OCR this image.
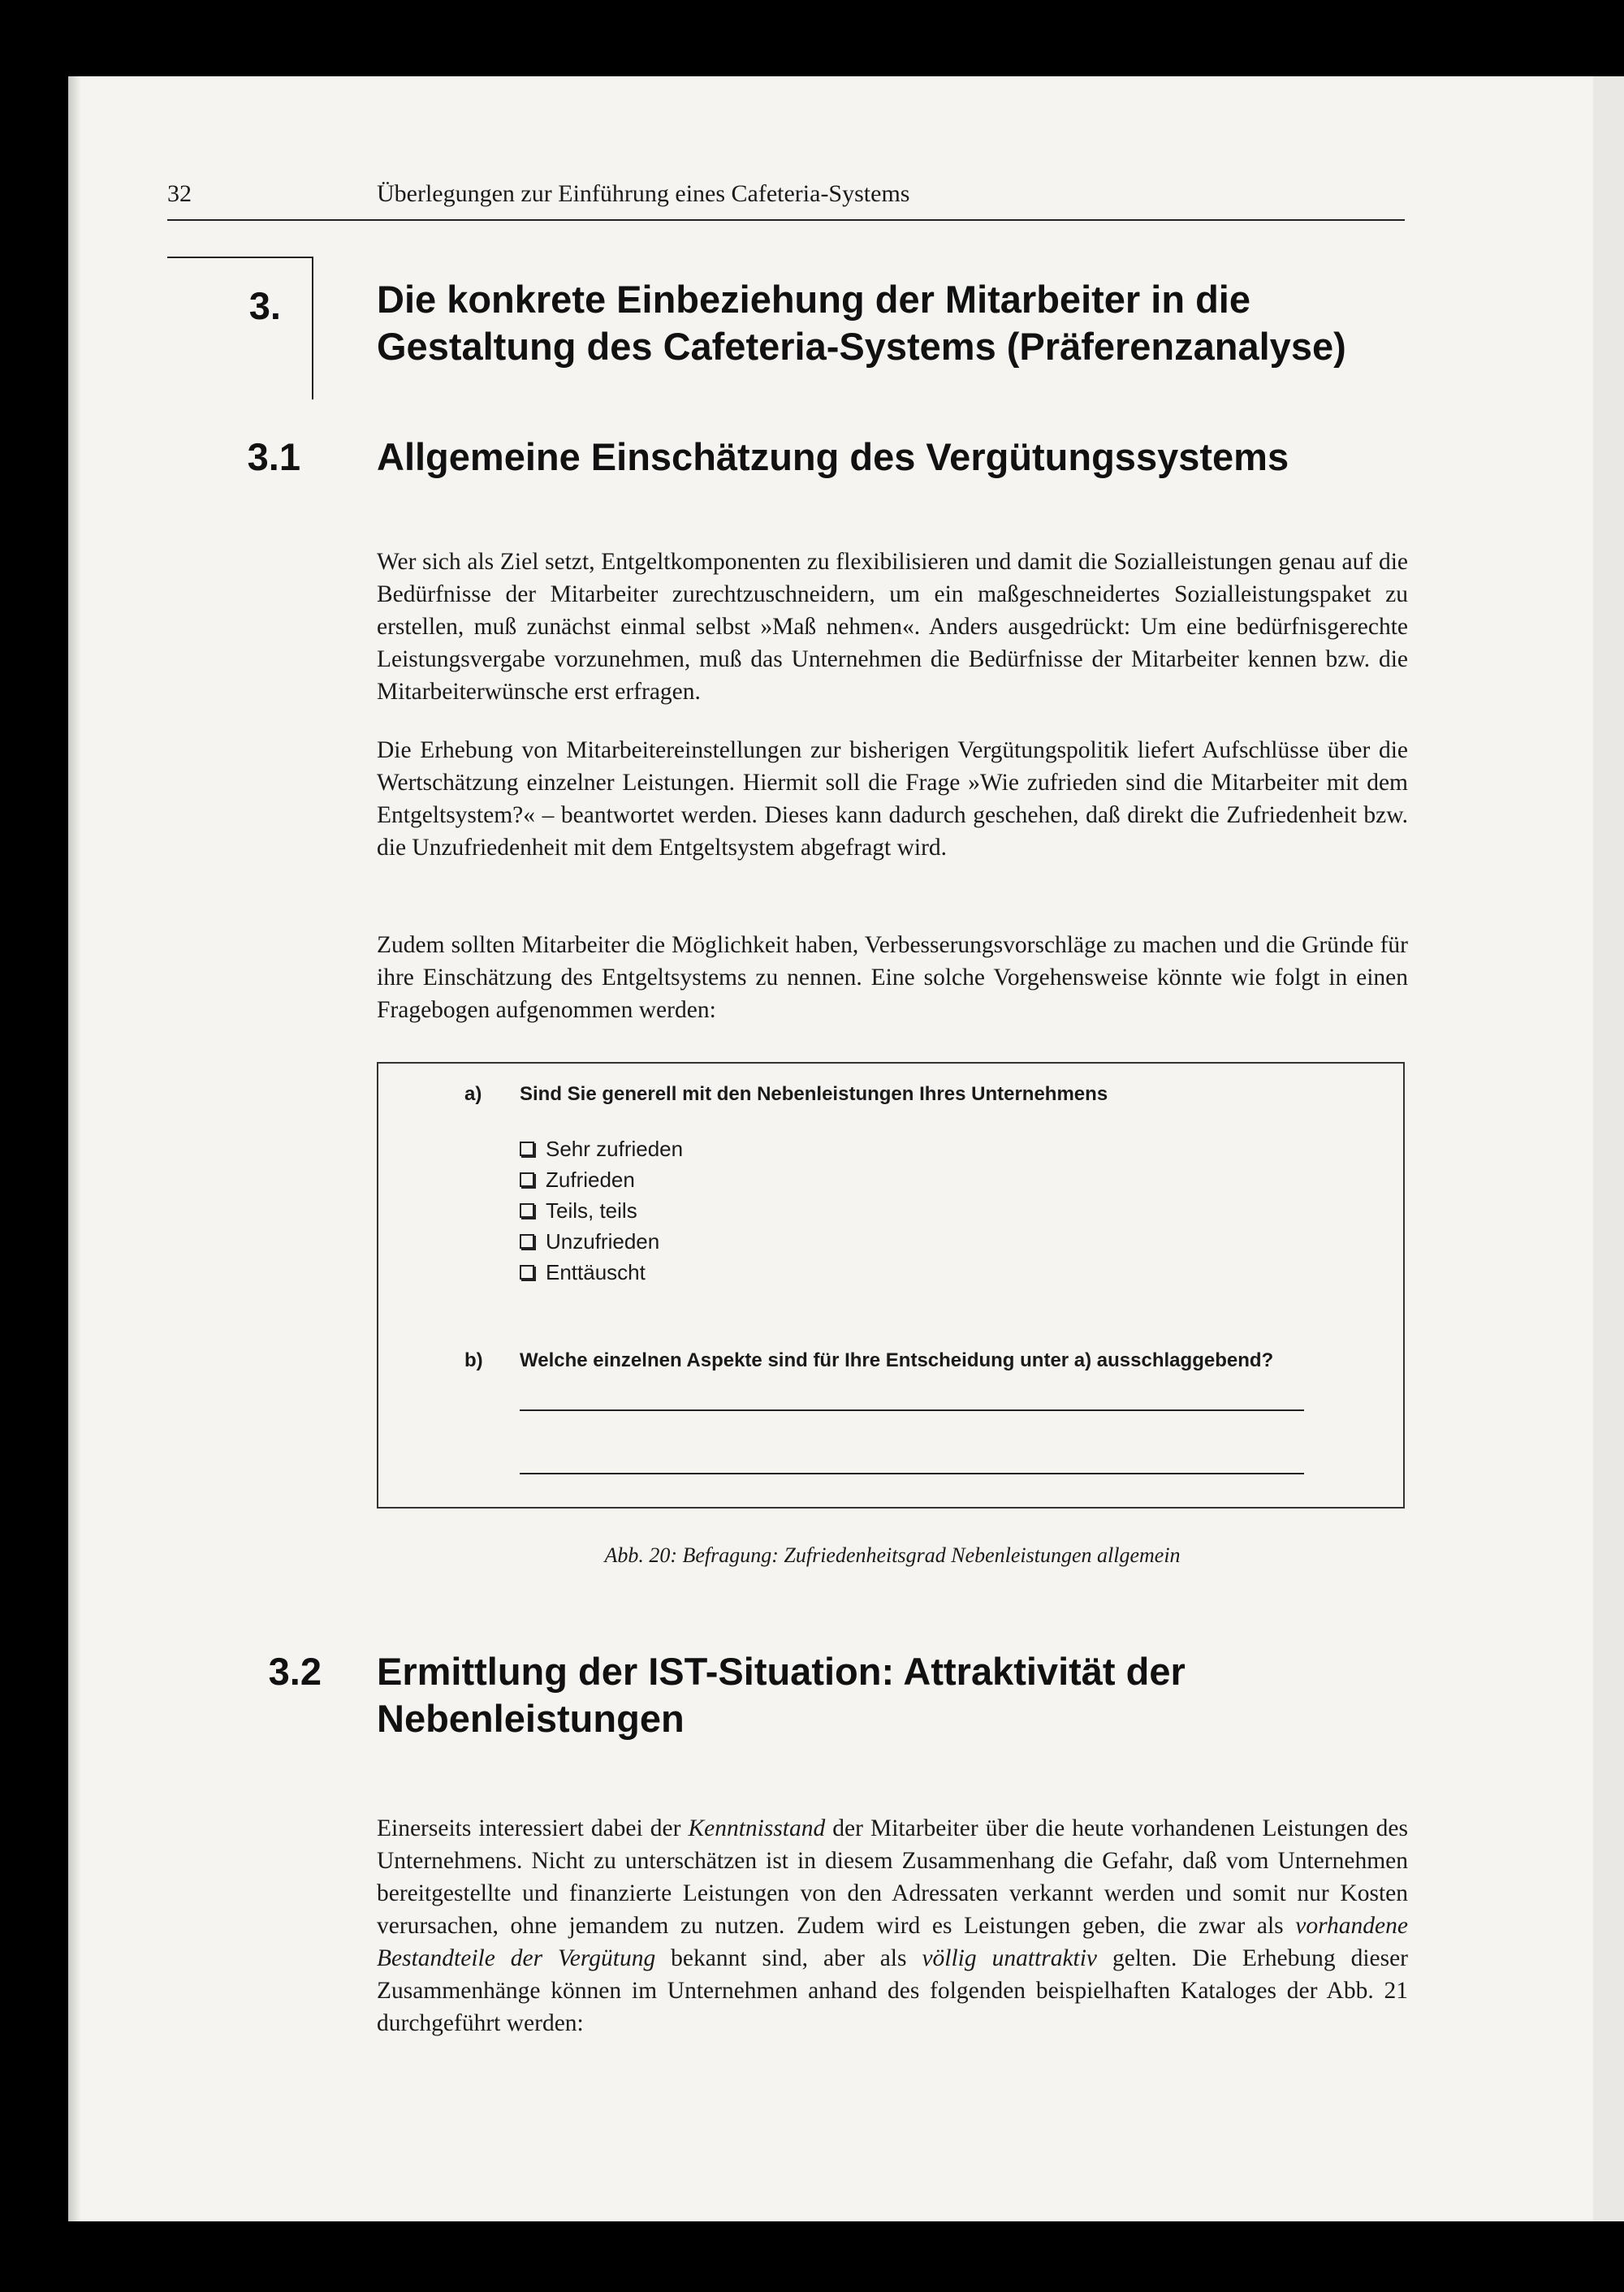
32	Überlegungen zur Einführung eines Cafeteria-Systems
3.	Die konkrete Einbeziehung der Mitarbeiter in die
Gestaltung des Cafeteria-Systems (Präferenzanalyse)
3.1 Allgemeine Einschätzung des Vergütungssystems
Wer sich als Ziel setzt, Entgeltkomponenten zu flexibilisieren und damit die Sozialleistungen genau auf die Bedürfnisse der Mitarbeiter zurechtzuschneidern, um ein maßgeschneidertes Sozialleistungspaket zu erstellen, muß zunächst einmal selbst »Maß nehmen«. Anders ausgedrückt: Um eine bedürfnisgerechte Leistungsvergabe vorzunehmen, muß das Unternehmen die Bedürfnisse der Mitarbeiter kennen bzw. die Mitarbeiterwünsche erst erfragen.
Die Erhebung von Mitarbeitereinstellungen zur bisherigen Vergütungspolitik liefert Aufschlüsse über die Wertschätzung einzelner Leistungen. Hiermit soll die Frage »Wie zufrieden sind die Mitarbeiter mit dem Entgeltsystem?« – beantwortet werden. Dieses kann dadurch geschehen, daß direkt die Zufriedenheit bzw. die Unzufriedenheit mit dem Entgeltsystem abgefragt wird.
Zudem sollten Mitarbeiter die Möglichkeit haben, Verbesserungsvorschläge zu machen und die Gründe für ihre Einschätzung des Entgeltsystems zu nennen. Eine solche Vorgehensweise könnte wie folgt in einen Fragebogen aufgenommen werden:
a) Sind Sie generell mit den Nebenleistungen Ihres Unternehmens
Sehr zufrieden
Zufrieden
Teils, teils
Unzufrieden
Enttäuscht
b) Welche einzelnen Aspekte sind für Ihre Entscheidung unter a) ausschlaggebend?
Abb. 20: Befragung: Zufriedenheitsgrad Nebenleistungen allgemein
3.2 Ermittlung der IST-Situation: Attraktivität der
Nebenleistungen
Einerseits interessiert dabei der Kenntnisstand der Mitarbeiter über die heute vorhandenen Leistungen des Unternehmens. Nicht zu unterschätzen ist in diesem Zusammenhang die Gefahr, daß vom Unternehmen bereitgestellte und finanzierte Leistungen von den Adressaten verkannt werden und somit nur Kosten verursachen, ohne jemandem zu nutzen. Zudem wird es Leistungen geben, die zwar als vorhandene Bestandteile der Vergütung bekannt sind, aber als völlig unattraktiv gelten. Die Erhebung dieser Zusammenhänge können im Unternehmen anhand des folgenden beispielhaften Kataloges der Abb. 21 durchgeführt werden:
